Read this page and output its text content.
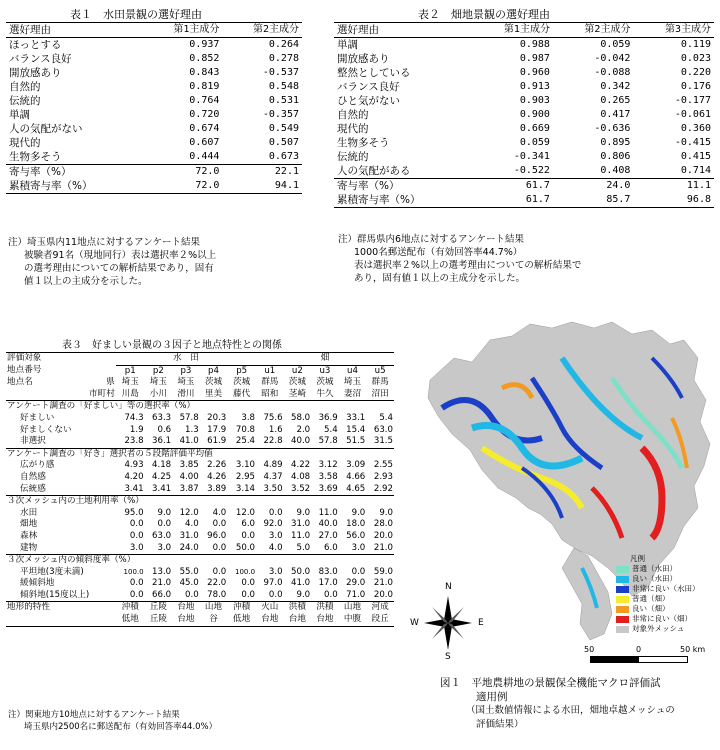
表１　水田景観の選好理由
選好理由	第1主成分	第2主成分
ほっとする	0.937	0.264
バランス良好	0.852	0.278
開放感あり	0.843	-0.537
自然的	0.819	0.548
伝統的	0.764	0.531
単調	0.720	-0.357
人の気配がない	0.674	0.549
現代的	0.607	0.507
生物多そう	0.444	0.673
寄与率（%）	72.0	22.1
累積寄与率（%）	72.0	94.1
注）埼玉県内11地点に対するアンケート結果
被験者91名（現地同行）表は選択率２%以上
の選考理由についての解析結果であり，固有
値１以上の主成分を示した。
表２　畑地景観の選好理由
選好理由	第1主成分	第2主成分	第3主成分
単調	0.988	0.059	0.119
開放感あり	0.987	-0.042	0.023
整然としている	0.960	-0.088	0.220
バランス良好	0.913	0.342	0.176
ひと気がない	0.903	0.265	-0.177
自然的	0.900	0.417	-0.061
現代的	0.669	-0.636	0.360
生物多そう	0.059	0.895	-0.415
伝統的	-0.341	0.806	0.415
人の気配がある	-0.522	0.408	0.714
寄与率（%）	61.7	24.0	11.1
累積寄与率（%）	61.7	85.7	96.8
注）群馬県内6地点に対するアンケート結果
1000名郵送配布（有効回答率44.7%）
表は選択率２%以上の選考理由についての解析結果で
あり，固有値１以上の主成分を示した。
表３　好ましい景観の３因子と地点特性との関係
評価対象		水　田					畑				
地点番号		p1	p2	p3	p4	p5	u1	u2	u3	u4	u5
地点名	県	埼玉	埼玉	埼玉	茨城	茨城	群馬	茨城	茨城	埼玉	群馬
	市町村	川島	小川	滑川	里美	藤代	昭和	茎崎	牛久	妻沼	沼田
アンケート調査の「好ましい」等の選択率（%）											
好ましい		74.3	63.3	57.8	20.3	3.8	75.6	58.0	36.9	33.1	5.4
好ましくない		1.9	0.6	1.3	17.9	70.8	1.6	2.0	5.4	15.4	63.0
非選択		23.8	36.1	41.0	61.9	25.4	22.8	40.0	57.8	51.5	31.5
アンケート調査の「好き」選択者の５段階評価平均値											
広がり感		4.93	4.18	3.85	2.26	3.10	4.89	4.22	3.12	3.09	2.55
自然感		4.20	4.25	4.00	4.26	2.95	4.37	4.08	3.58	4.66	2.93
伝統感		3.41	3.41	3.87	3.89	3.14	3.50	3.52	3.69	4.65	2.92
３次メッシュ内の土地利用率（%）											
水田		95.0	9.0	12.0	4.0	12.0	0.0	9.0	11.0	9.0	9.0
畑地		0.0	0.0	4.0	0.0	6.0	92.0	31.0	40.0	18.0	28.0
森林		0.0	63.0	31.0	96.0	0.0	3.0	11.0	27.0	56.0	20.0
建物		3.0	3.0	24.0	0.0	50.0	4.0	5.0	6.0	3.0	21.0
３次メッシュ内の傾斜度率（%）											
平坦地(3度未満)		100.0	13.0	55.0	0.0	100.0	3.0	50.0	83.0	0.0	59.0
緩傾斜地		0.0	21.0	45.0	22.0	0.0	97.0	41.0	17.0	29.0	21.0
傾斜地(15度以上)		0.0	66.0	0.0	78.0	0.0	0.0	9.0	0.0	71.0	20.0
地形的特性		沖積	丘陵	台地	山地	沖積	火山	洪積	洪積	山地	河成
		低地	丘陵	台地	谷	低地	台地	台地	台地	中腹	段丘
注）関東地方10地点に対するアンケート結果
埼玉県内2500名に郵送配布（有効回答率44.0%）
凡例
普通（水田）
良い（水田）
非常に良い（水田）
普通（畑）
良い（畑）
非常に良い（畑）
対象外メッシュ
N
S
W	E
50	0	50 km
図１　平地農耕地の景観保全機能マクロ評価試
適用例
（国土数値情報による水田，畑地卓越メッシュの
評価結果）
